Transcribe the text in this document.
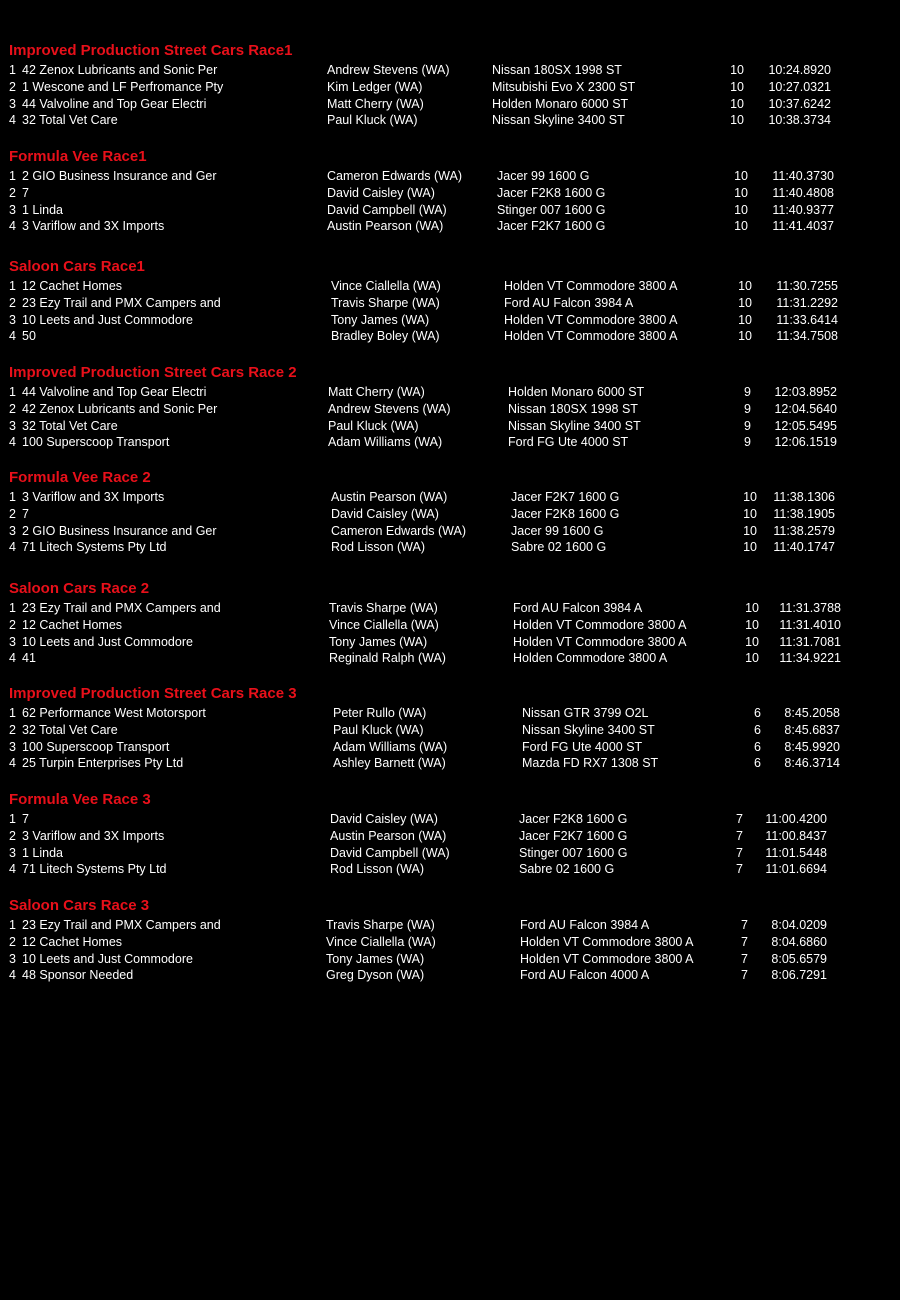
Improved Production Street Cars Race1
1 42 Zenox Lubricants and Sonic Per	Andrew Stevens (WA)	Nissan 180SX 1998 ST	10 10:24.8920
2 1 Wescone and LF Perfromance Pty	Kim Ledger (WA)	Mitsubishi Evo X 2300 ST	10 10:27.0321
3 44 Valvoline and Top Gear Electri	Matt Cherry (WA)	Holden Monaro 6000 ST	10 10:37.6242
4 32 Total Vet Care	Paul Kluck (WA)	Nissan Skyline 3400 ST	10 10:38.3734
Formula Vee Race1
1 2 GIO Business Insurance and Ger	Cameron Edwards (WA)	Jacer 99 1600 G	10 11:40.3730
2 7	David Caisley (WA)	Jacer F2K8 1600 G	10 11:40.4808
3 1 Linda	David Campbell (WA)	Stinger 007 1600 G	10 11:40.9377
4 3 Variflow and 3X Imports	Austin Pearson (WA)	Jacer F2K7 1600 G	10 11:41.4037
Saloon Cars Race1
1 12 Cachet Homes	Vince Ciallella (WA)	Holden VT Commodore 3800 A	10 11:30.7255
2 23 Ezy Trail and PMX Campers and	Travis Sharpe (WA)	Ford AU Falcon 3984 A	10 11:31.2292
3 10 Leets and Just Commodore	Tony James (WA)	Holden VT Commodore 3800 A	10 11:33.6414
4 50	Bradley Boley (WA)	Holden VT Commodore 3800 A	10 11:34.7508
Improved Production Street Cars Race 2
1 44 Valvoline and Top Gear Electri	Matt Cherry (WA)	Holden Monaro 6000 ST	9 12:03.8952
2 42 Zenox Lubricants and Sonic Per	Andrew Stevens (WA)	Nissan 180SX 1998 ST	9 12:04.5640
3 32 Total Vet Care	Paul Kluck (WA)	Nissan Skyline 3400 ST	9 12:05.5495
4 100 Superscoop Transport	Adam Williams (WA)	Ford FG Ute 4000 ST	9 12:06.1519
Formula Vee Race 2
1 3 Variflow and 3X Imports	Austin Pearson (WA)	Jacer F2K7 1600 G	10 11:38.1306
2 7	David Caisley (WA)	Jacer F2K8 1600 G	10 11:38.1905
3 2 GIO Business Insurance and Ger	Cameron Edwards (WA)	Jacer 99 1600 G	10 11:38.2579
4 71 Litech Systems Pty Ltd	Rod Lisson (WA)	Sabre 02 1600 G	10 11:40.1747
Saloon Cars Race 2
1 23 Ezy Trail and PMX Campers and	Travis Sharpe (WA)	Ford AU Falcon 3984 A	10 11:31.3788
2 12 Cachet Homes	Vince Ciallella (WA)	Holden VT Commodore 3800 A	10 11:31.4010
3 10 Leets and Just Commodore	Tony James (WA)	Holden VT Commodore 3800 A	10 11:31.7081
4 41	Reginald Ralph (WA)	Holden Commodore 3800 A	10 11:34.9221
Improved Production Street Cars Race 3
1 62 Performance West Motorsport	Peter Rullo (WA)	Nissan GTR 3799 O2L	6 8:45.2058
2 32 Total Vet Care	Paul Kluck (WA)	Nissan Skyline 3400 ST	6 8:45.6837
3 100 Superscoop Transport	Adam Williams (WA)	Ford FG Ute 4000 ST	6 8:45.9920
4 25 Turpin Enterprises Pty Ltd	Ashley Barnett (WA)	Mazda FD RX7 1308 ST	6 8:46.3714
Formula Vee Race 3
1 7	David Caisley (WA)	Jacer F2K8 1600 G	7 11:00.4200
2 3 Variflow and 3X Imports	Austin Pearson (WA)	Jacer F2K7 1600 G	7 11:00.8437
3 1 Linda	David Campbell (WA)	Stinger 007 1600 G	7 11:01.5448
4 71 Litech Systems Pty Ltd	Rod Lisson (WA)	Sabre 02 1600 G	7 11:01.6694
Saloon Cars Race 3
1 23 Ezy Trail and PMX Campers and	Travis Sharpe (WA)	Ford AU Falcon 3984 A	7 8:04.0209
2 12 Cachet Homes	Vince Ciallella (WA)	Holden VT Commodore 3800 A	7 8:04.6860
3 10 Leets and Just Commodore	Tony James (WA)	Holden VT Commodore 3800 A	7 8:05.6579
4 48 Sponsor Needed	Greg Dyson (WA)	Ford AU Falcon 4000 A	7 8:06.7291
